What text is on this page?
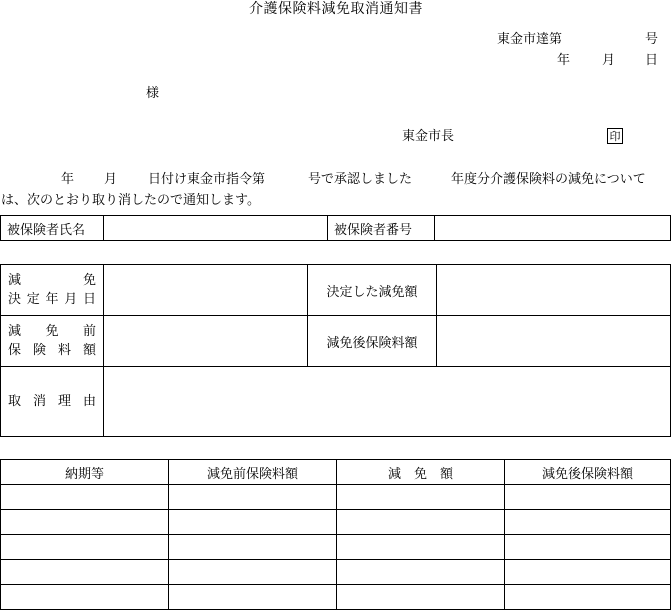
介護保険料減免取消通知書
東金市達第	号
年 月 日
様
東金市長	印
年 月 日付け東金市指令第	号で承認しました	年度分介護保険料の減免について
は、次のとおり取り消したので通知します。
被保険者氏名		被保険者番号	
減　　　免
決定年月日		決定した減免額	

減　免　前
保険料額		減免後保険料額	

取消理由			

納期等	減免前保険料額	減　免　額	減免後保険料額
